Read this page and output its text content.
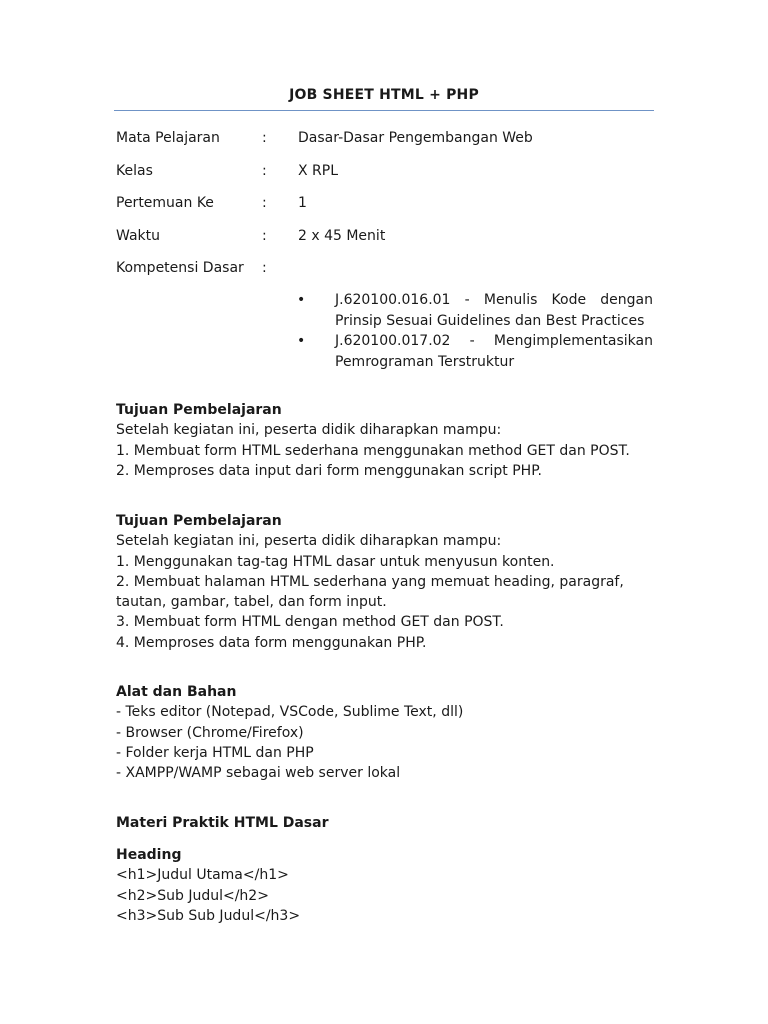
JOB SHEET HTML + PHP
Mata Pelajaran	: Dasar-Dasar Pengembangan Web
Kelas	: X RPL
Pertemuan Ke	: 1
Waktu	: 2 x 45 Menit
Kompetensi Dasar :
• J.620100.016.01 - Menulis Kode dengan Prinsip Sesuai Guidelines dan Best Practices
• J.620100.017.02 - Mengimplementasikan Pemrograman Terstruktur
Tujuan Pembelajaran
Setelah kegiatan ini, peserta didik diharapkan mampu:
1. Membuat form HTML sederhana menggunakan method GET dan POST.
2. Memproses data input dari form menggunakan script PHP.
Tujuan Pembelajaran
Setelah kegiatan ini, peserta didik diharapkan mampu:
1. Menggunakan tag-tag HTML dasar untuk menyusun konten.
2. Membuat halaman HTML sederhana yang memuat heading, paragraf,
tautan, gambar, tabel, dan form input.
3. Membuat form HTML dengan method GET dan POST.
4. Memproses data form menggunakan PHP.
Alat dan Bahan
- Teks editor (Notepad, VSCode, Sublime Text, dll)
- Browser (Chrome/Firefox)
- Folder kerja HTML dan PHP
- XAMPP/WAMP sebagai web server lokal
Materi Praktik HTML Dasar
Heading
<h1>Judul Utama</h1>
<h2>Sub Judul</h2>
<h3>Sub Sub Judul</h3>
